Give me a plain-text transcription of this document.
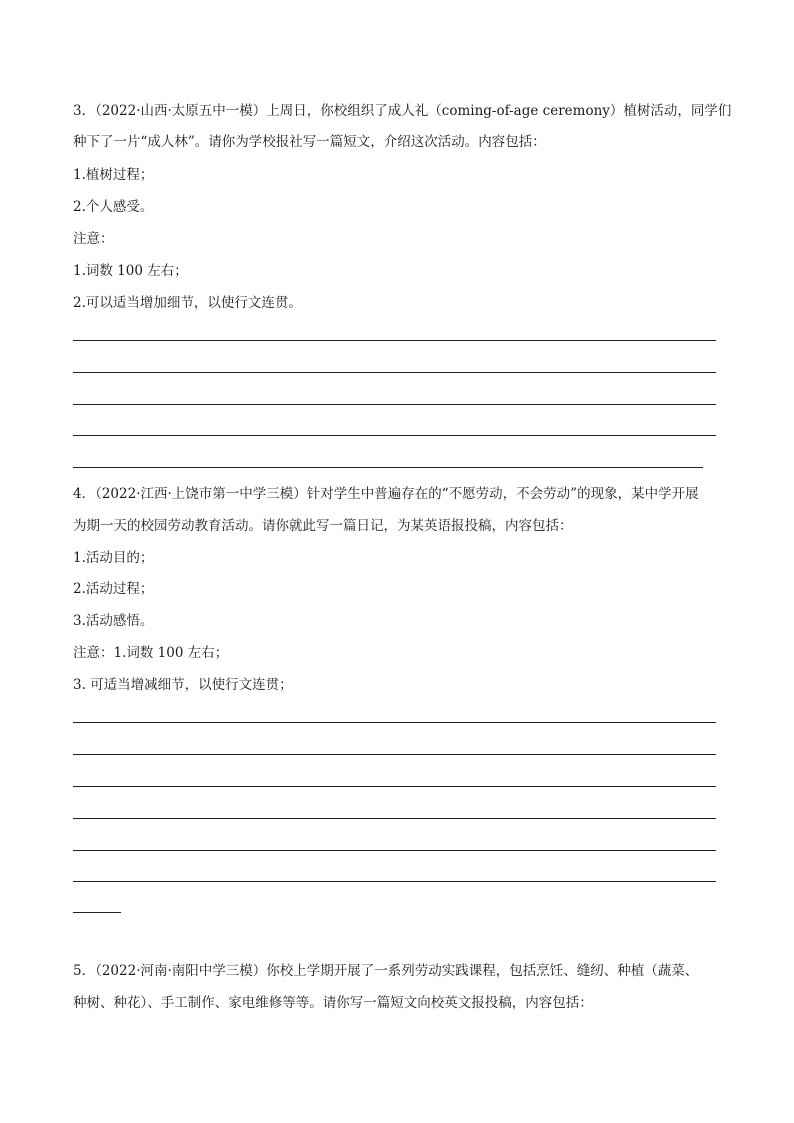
3．（2022·山西·太原五中一模）上周日，你校组织了成人礼（coming-of-age ceremony）植树活动，同学们
种下了一片“成人林”。请你为学校报社写一篇短文，介绍这次活动。内容包括：
1.植树过程；
2.个人感受。
注意：
1.词数 100 左右；
2.可以适当增加细节，以使行文连贯。
4．（2022·江西·上饶市第一中学三模）针对学生中普遍存在的“不愿劳动，不会劳动”的现象，某中学开展
为期一天的校园劳动教育活动。请你就此写一篇日记，为某英语报投稿，内容包括：
1.活动目的；
2.活动过程；
3.活动感悟。
注意：1.词数 100 左右；
3. 可适当增减细节，以使行文连贯；
5．（2022·河南·南阳中学三模）你校上学期开展了一系列劳动实践课程，包括烹饪、缝纫、种植（蔬菜、
种树、种花）、手工制作、家电维修等等。请你写一篇短文向校英文报投稿，内容包括：
